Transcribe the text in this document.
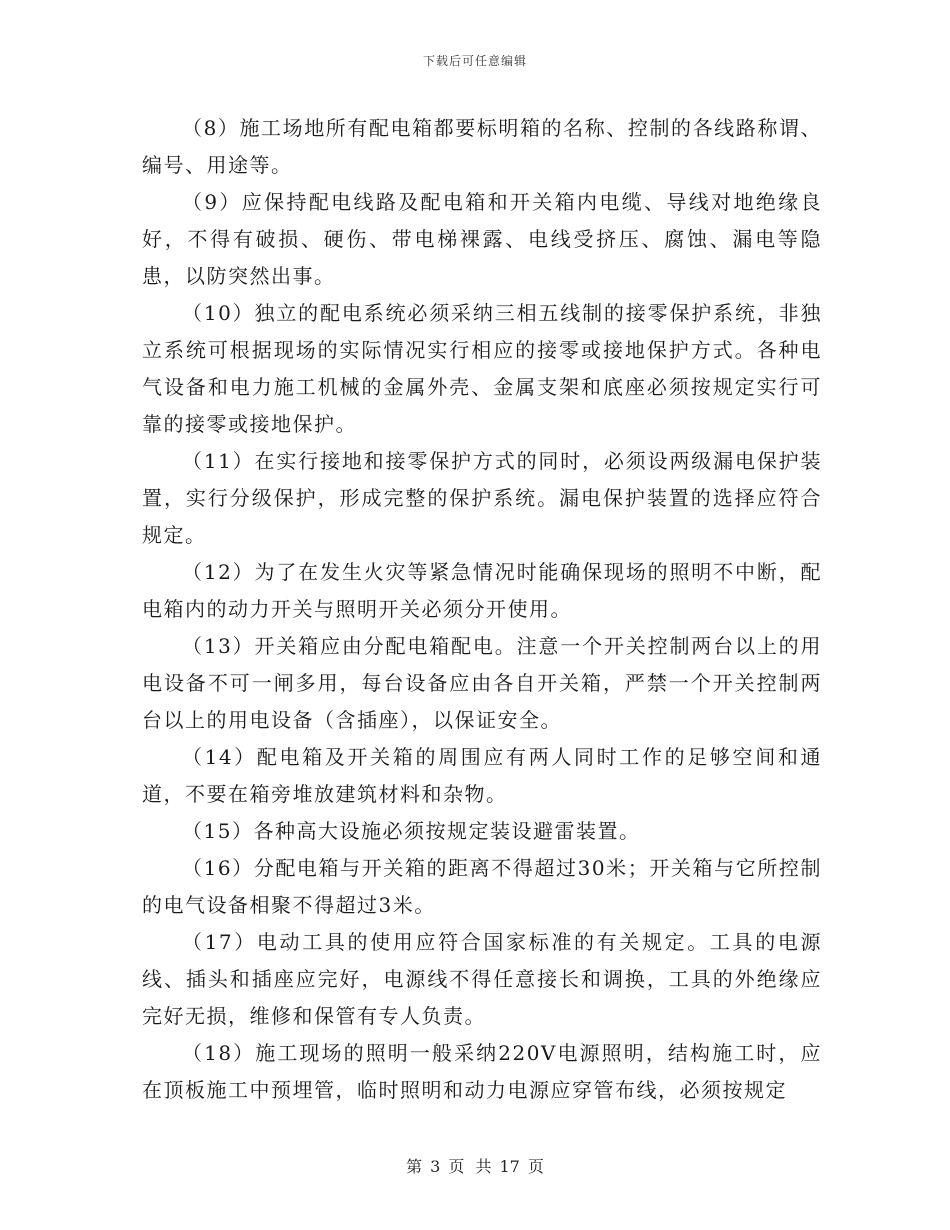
下载后可任意编辑

（8）施工场地所有配电箱都要标明箱的名称、控制的各线路称谓、编号、用途等。

（9）应保持配电线路及配电箱和开关箱内电缆、导线对地绝缘良好，不得有破损、硬伤、带电梯裸露、电线受挤压、腐蚀、漏电等隐患，以防突然出事。

（10）独立的配电系统必须采纳三相五线制的接零保护系统，非独立系统可根据现场的实际情况实行相应的接零或接地保护方式。各种电气设备和电力施工机械的金属外壳、金属支架和底座必须按规定实行可靠的接零或接地保护。

（11）在实行接地和接零保护方式的同时，必须设两级漏电保护装置，实行分级保护，形成完整的保护系统。漏电保护装置的选择应符合规定。

（12）为了在发生火灾等紧急情况时能确保现场的照明不中断，配电箱内的动力开关与照明开关必须分开使用。

（13）开关箱应由分配电箱配电。注意一个开关控制两台以上的用电设备不可一闸多用，每台设备应由各自开关箱，严禁一个开关控制两台以上的用电设备（含插座），以保证安全。

（14）配电箱及开关箱的周围应有两人同时工作的足够空间和通道，不要在箱旁堆放建筑材料和杂物。

（15）各种高大设施必须按规定装设避雷装置。

（16）分配电箱与开关箱的距离不得超过30米；开关箱与它所控制的电气设备相聚不得超过3米。

（17）电动工具的使用应符合国家标准的有关规定。工具的电源线、插头和插座应完好，电源线不得任意接长和调换，工具的外绝缘应完好无损，维修和保管有专人负责。

（18）施工现场的照明一般采纳220V电源照明，结构施工时，应在顶板施工中预埋管，临时照明和动力电源应穿管布线，必须按规定

第 3 页 共 17 页
